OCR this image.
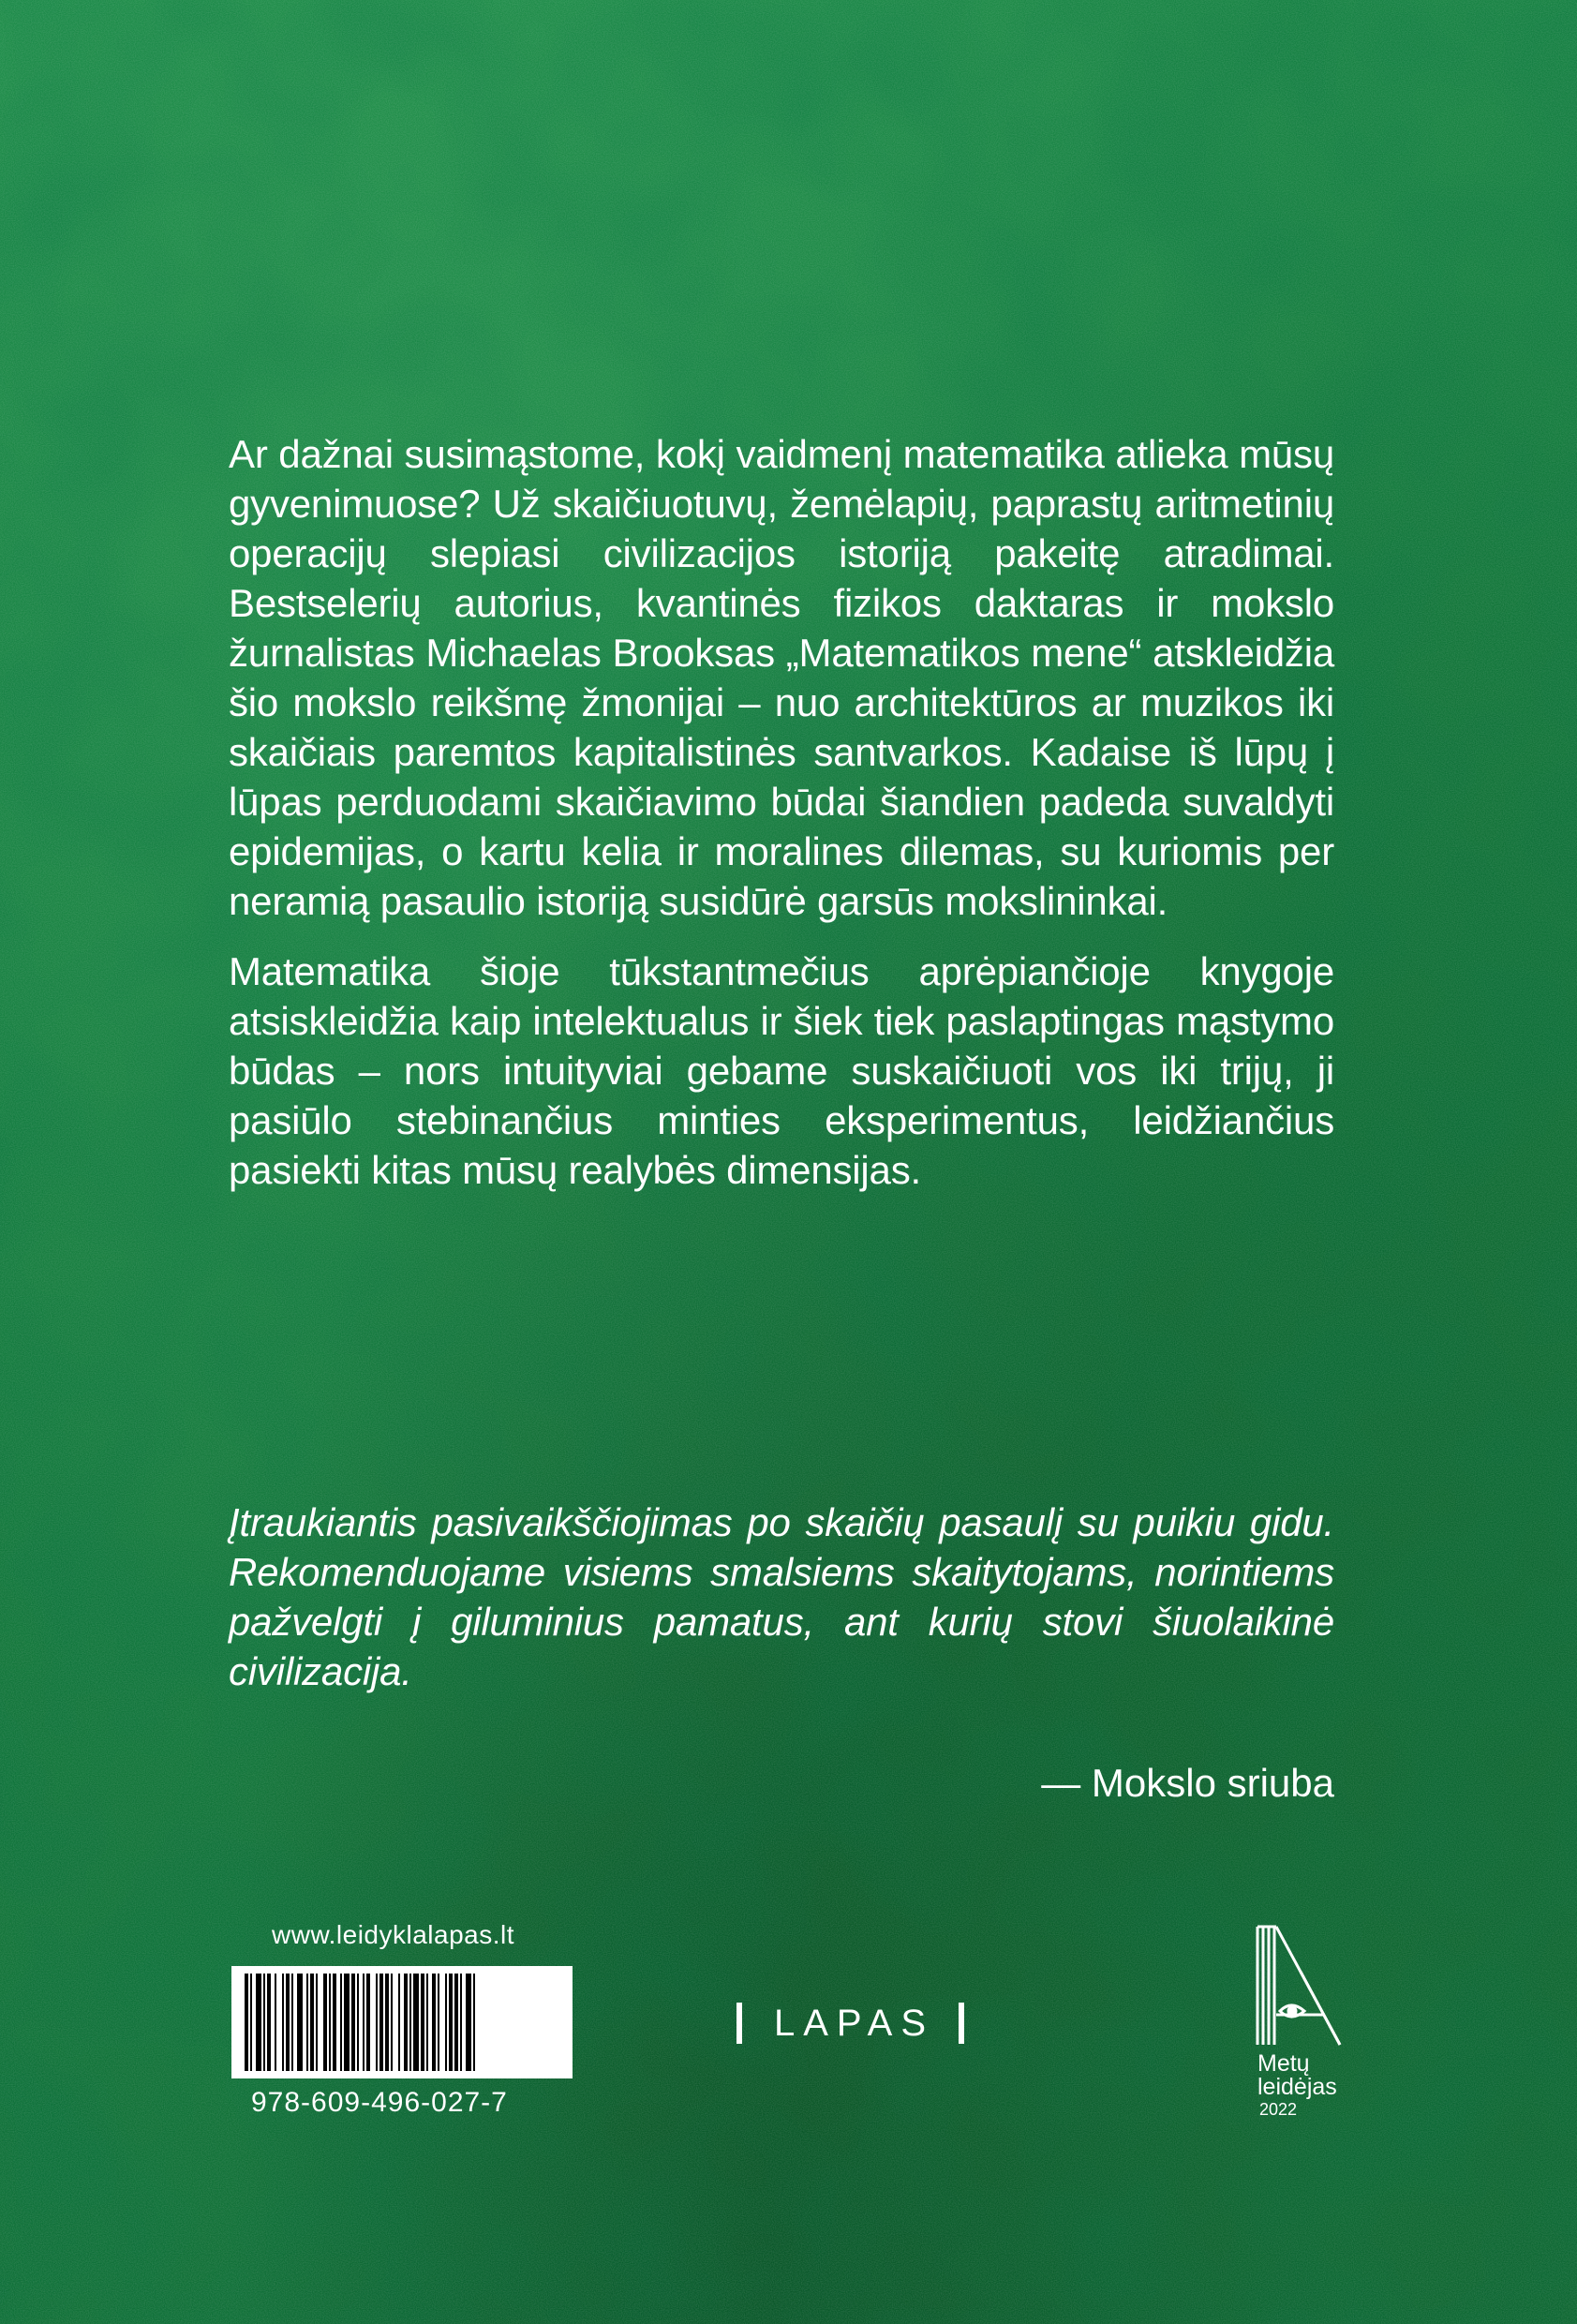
Ar dažnai susimąstome, kokį vaidmenį matematika atlieka mūsų gyvenimuose? Už skaičiuotuvų, žemėlapių, paprastų aritmetinių operacijų slepiasi civilizacijos istoriją pakeitę atradimai. Bestselerių autorius, kvantinės fizikos daktaras ir mokslo žurnalistas Michaelas Brooksas „Matematikos mene“ atskleidžia šio mokslo reikšmę žmonijai – nuo architektūros ar muzikos iki skaičiais paremtos kapitalistinės santvarkos. Kadaise iš lūpų į lūpas perduodami skaičiavimo būdai šiandien padeda suvaldyti epidemijas, o kartu kelia ir moralines dilemas, su kuriomis per neramią pasaulio istoriją susidūrė garsūs mokslininkai.

Matematika šioje tūkstantmečius aprėpiančioje knygoje atsiskleidžia kaip intelektualus ir šiek tiek paslaptingas mąstymo būdas – nors intuityviai gebame suskaičiuoti vos iki trijų, ji pasiūlo stebinančius minties eksperimentus, leidžiančius pasiekti kitas mūsų realybės dimensijas.

Įtraukiantis pasivaikščiojimas po skaičių pasaulį su puikiu gidu. Rekomenduojame visiems smalsiems skaitytojams, norintiems pažvelgti į giluminius pamatus, ant kurių stovi šiuolaikinė civilizacija.
— Mokslo sriuba
www.leidyklalapas.lt
978-609-496-027-7
LAPAS
Metų
leidėjas
2022
